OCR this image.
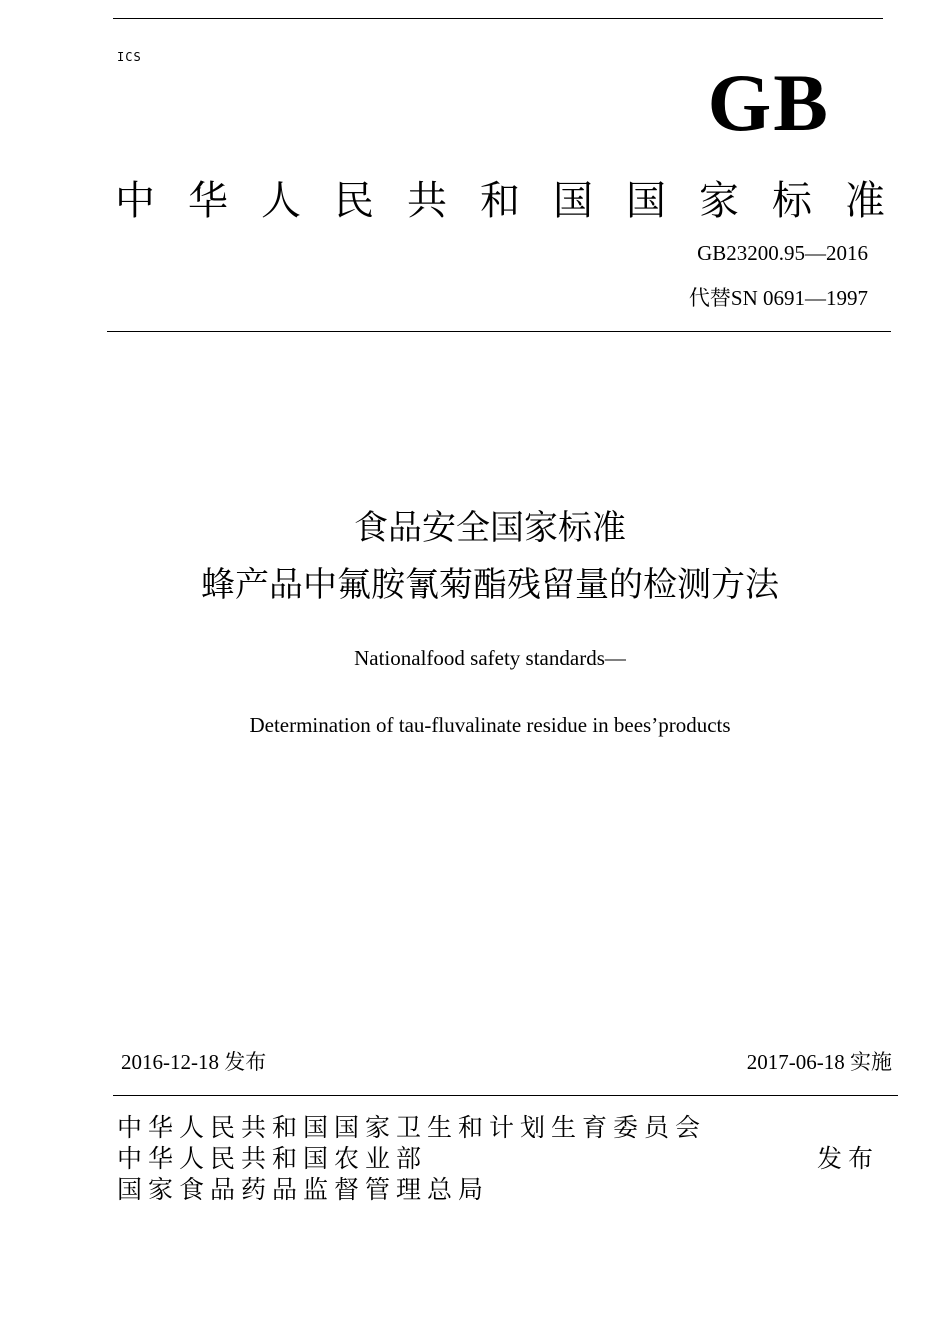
ICS	GB
中 华 人 民 共 和 国 国 家 标 准
GB23200.95—2016
代替SN 0691—1997
食品安全国家标准
蜂产品中氟胺氰菊酯残留量的检测方法
Nationalfood safety standards—
Determination of tau-fluvalinate residue in bees’products
2016-12-18 发布	2017-06-18 实施
中华人民共和国国家卫生和计划生育委员会
中华人民共和国农业部
国家食品药品监督管理总局
发布
